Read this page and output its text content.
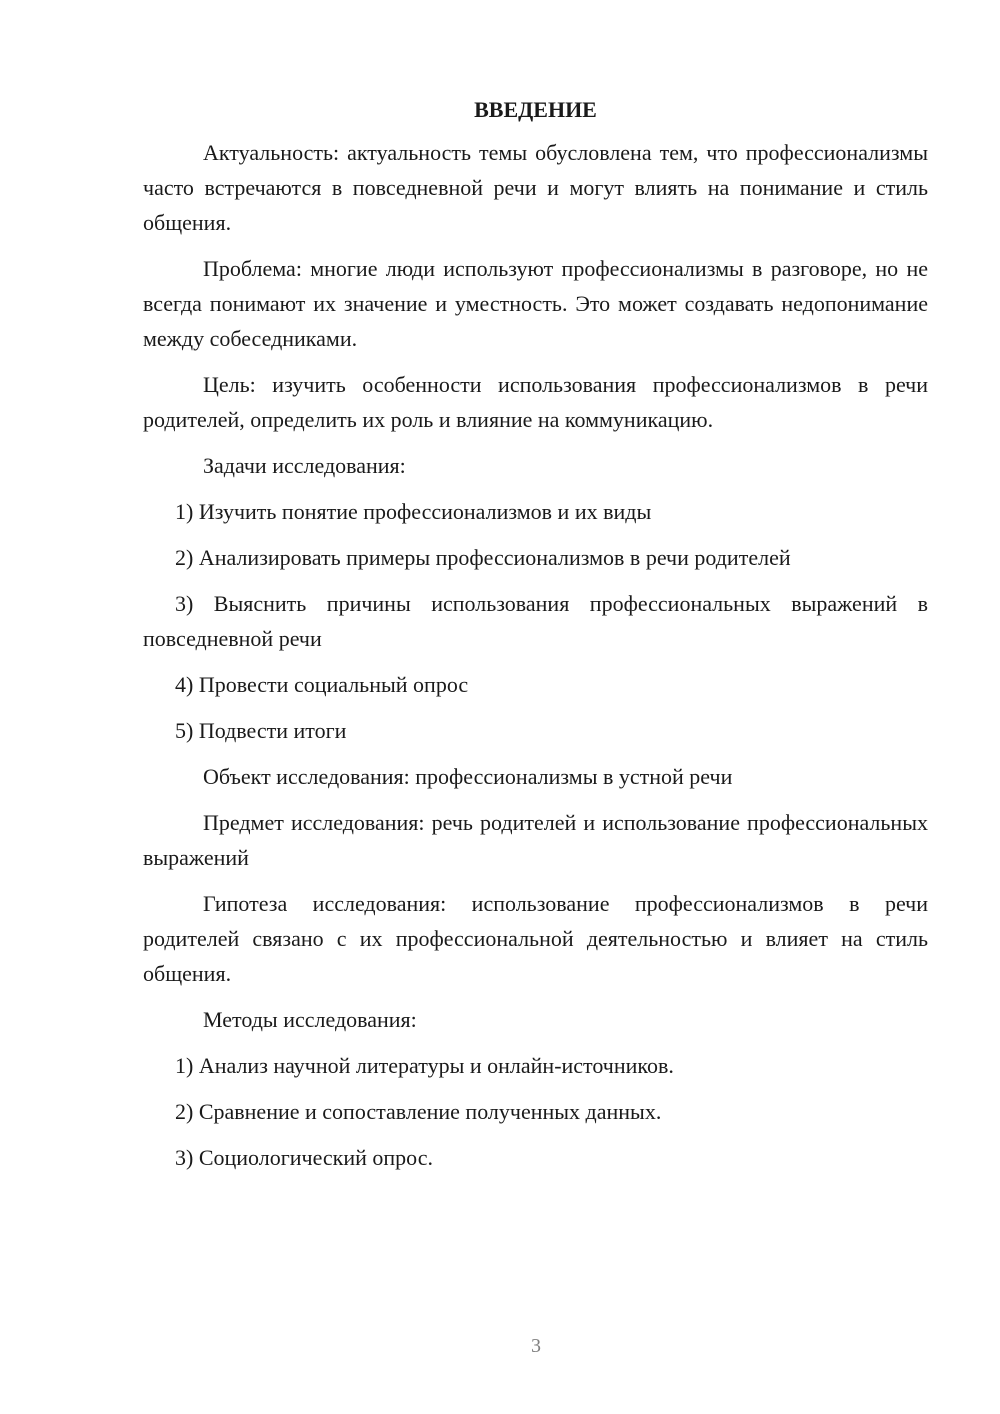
ВВЕДЕНИЕ

Актуальность: актуальность темы обусловлена тем, что профессионализмы часто встречаются в повседневной речи и могут влиять на понимание и стиль общения.

Проблема: многие люди используют профессионализмы в разговоре, но не всегда понимают их значение и уместность. Это может создавать недопонимание между собеседниками.

Цель: изучить особенности использования профессионализмов в речи родителей, определить их роль и влияние на коммуникацию.

Задачи исследования:

1) Изучить понятие профессионализмов и их виды
2) Анализировать примеры профессионализмов в речи родителей
3) Выяснить причины использования профессиональных выражений в повседневной речи
4) Провести социальный опрос
5) Подвести итоги

Объект исследования: профессионализмы в устной речи

Предмет исследования: речь родителей и использование профессиональных выражений

Гипотеза исследования: использование профессионализмов в речи родителей связано с их профессиональной деятельностью и влияет на стиль общения.

Методы исследования:

1) Анализ научной литературы и онлайн-источников.
2) Сравнение и сопоставление полученных данных.
3) Социологический опрос.
3
